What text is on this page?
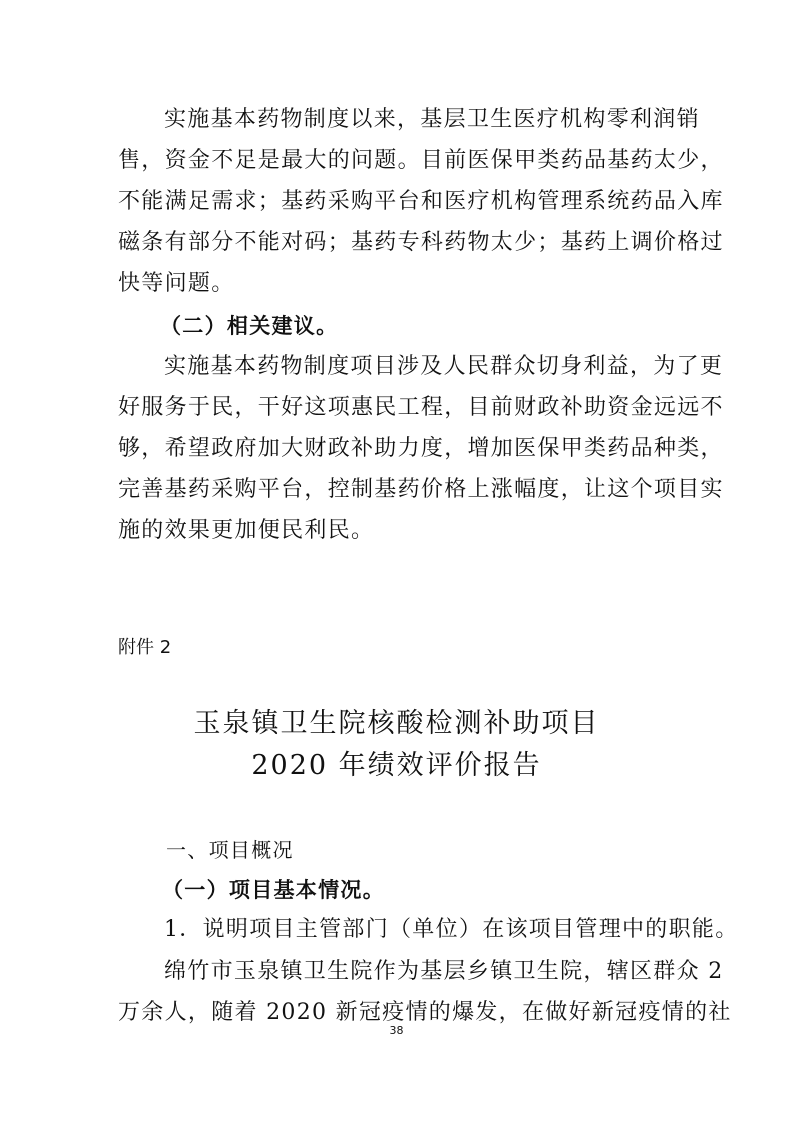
实施基本药物制度以来，基层卫生医疗机构零利润销
售，资金不足是最大的问题。目前医保甲类药品基药太少，
不能满足需求；基药采购平台和医疗机构管理系统药品入库
磁条有部分不能对码；基药专科药物太少；基药上调价格过
快等问题。
（二）相关建议。
实施基本药物制度项目涉及人民群众切身利益，为了更
好服务于民，干好这项惠民工程，目前财政补助资金远远不
够，希望政府加大财政补助力度，增加医保甲类药品种类，
完善基药采购平台，控制基药价格上涨幅度，让这个项目实
施的效果更加便民利民。
附件 2
玉泉镇卫生院核酸检测补助项目
2020 年绩效评价报告
一、项目概况
（一）项目基本情况。
1．说明项目主管部门（单位）在该项目管理中的职能。
绵竹市玉泉镇卫生院作为基层乡镇卫生院，辖区群众 2
万余人，随着 2020 新冠疫情的爆发，在做好新冠疫情的社
38
